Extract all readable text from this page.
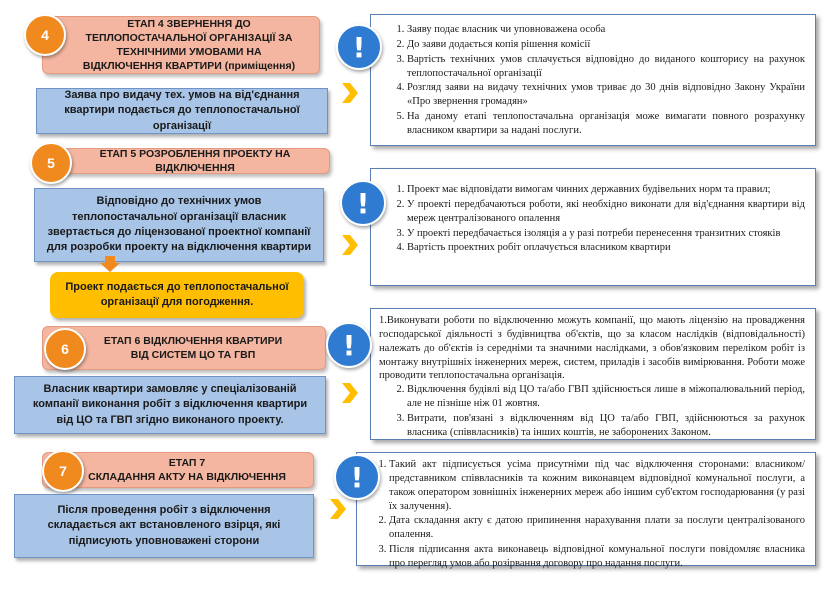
ЕТАП 4 ЗВЕРНЕННЯ ДО ТЕПЛОПОСТАЧАЛЬНОЇ ОРГАНІЗАЦІЇ ЗА ТЕХНІЧНИМИ УМОВАМИ НА ВІДКЛЮЧЕННЯ КВАРТИРИ (приміщення)
4
Заява про видачу тех. умов на від'єднання квартири подається до теплопостачальної організації
1. Заяву подає власник чи уповноважена особа
2. До заяви додається копія рішення комісії
3. Вартість технічних умов сплачується відповідно до виданого кошторису на рахунок теплопостачальної організації
4. Розгляд заяви на видачу технічних умов триває до 30 днів відповідно Закону України «Про звернення громадян»
5. На даному етапі теплопостачальна організація може вимагати повного розрахунку власником квартири за надані послуги.
!
ЕТАП 5 РОЗРОБЛЕННЯ ПРОЕКТУ НА ВІДКЛЮЧЕННЯ
5
Відповідно до технічних умов теплопостачальної організації власник звертається до ліцензованої проектної компанії для розробки проекту на відключення квартири
Проект подається до теплопостачальної організації для погодження.
1. Проект має відповідати вимогам чинних державних будівельних норм та правил;
2. У проекті передбачаються роботи, які необхідно виконати для від'єднання квартири від мереж централізованого опалення
3. У проекті передбачається ізоляція а у разі потреби перенесення транзитних стояків
4. Вартість проектних робіт оплачується власником квартири
!
ЕТАП 6 ВІДКЛЮЧЕННЯ КВАРТИРИ
ВІД СИСТЕМ ЦО ТА ГВП
6
Власник квартири замовляє у спеціалізованій компанії виконання робіт з відключення квартири від ЦО та ГВП згідно виконаного проекту.
1.Виконувати роботи по відключенню можуть компанії, що мають ліцензію на провадження господарської діяльності з будівництва об'єктів, що за класом наслідків (відповідальності) належать до об'єктів із середніми та значними наслідками, з обов'язковим переліком робіт із монтажу внутрішніх інженерних мереж, систем, приладів і засобів вимірювання. Роботи може проводити теплопостачальна організація.
2. Відключення будівлі від ЦО та/або ГВП здійснюється лише в міжопалювальний період, але не пізніше ніж 01 жовтня.
3. Витрати, пов'язані з відключенням від ЦО та/або ГВП, здійснюються за рахунок власника (співвласників) та інших коштів, не заборонених Законом.
!
ЕТАП 7
СКЛАДАННЯ АКТУ НА ВІДКЛЮЧЕННЯ
7
Після проведення робіт з відключення складається акт встановленого взірця, які підписують уповноважені сторони
1. Такий акт підписується усіма присутніми під час відключення сторонами: власником/представником співвласників та кожним виконавцем відповідної комунальної послуги, а також оператором зовнішніх інженерних мереж або іншим суб'єктом господарювання (у разі їх залучення).
2. Дата складання акту є датою припинення нарахування плати за послуги централізованого опалення.
3. Після підписання акта виконавець відповідної комунальної послуги повідомляє власника про перегляд умов або розірвання договору про надання послуги.
!
